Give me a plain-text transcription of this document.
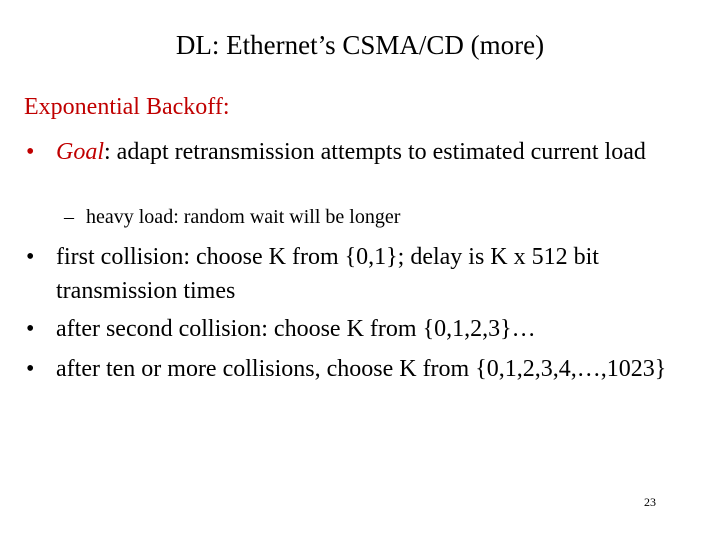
DL: Ethernet’s CSMA/CD (more)
Exponential Backoff:
• Goal: adapt retransmission attempts to estimated current load
– heavy load: random wait will be longer
• first collision: choose K from {0,1}; delay is K x 512 bit transmission times
• after second collision: choose K from {0,1,2,3}…
• after ten or more collisions, choose K from {0,1,2,3,4,…,1023}
23
